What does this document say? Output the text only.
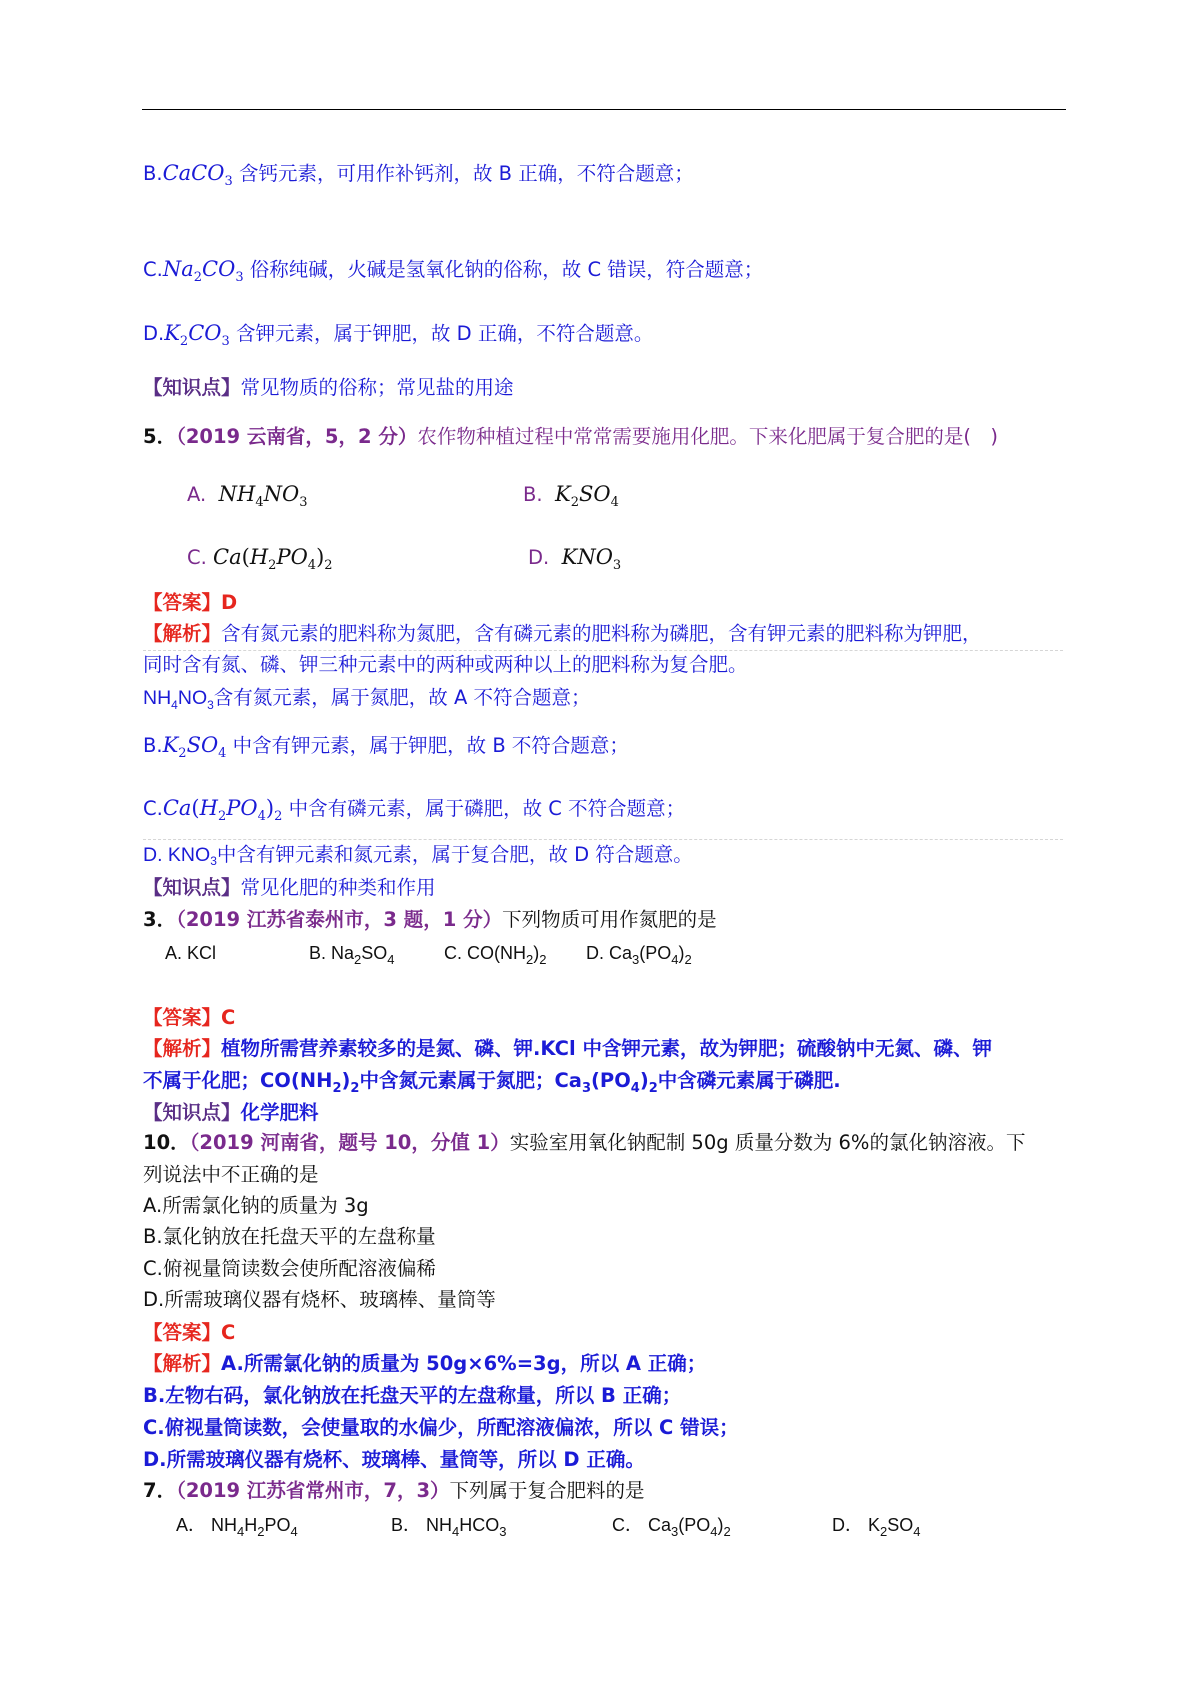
B.CaCO$_3$ 含钙元素，可用作补钙剂，故 B 正确，不符合题意；
$C.Na_2CO_3$ 俗称纯碱，火碱是氢氧化钠的俗称，故 C 错误，符合题意；
$D.K_2CO_3$ 含钾元素，属于钾肥，故 D 正确，不符合题意。
【知识点】常见物质的俗称；常见盐的用途
5．（2019 云南省，5，2 分）农作物种植过程中常常需要施用化肥。下来化肥属于复合肥的是(　)
A. $NH_4NO_3$	B. $K_2SO_4$
C. $Ca(H_2PO_4)_2$	D. $KNO_3$
【答案】D
【解析】含有氮元素的肥料称为氮肥，含有磷元素的肥料称为磷肥，含有钾元素的肥料称为钾肥，
同时含有氮、磷、钾三种元素中的两种或两种以上的肥料称为复合肥。
$NH_4NO_3$含有氮元素，属于氮肥，故 A 不符合题意；
$B.K_2SO_4$ 中含有钾元素，属于钾肥，故 B 不符合题意；
$C.Ca(H_2PO_4)_2$ 中含有磷元素，属于磷肥，故 C 不符合题意；
D. $KNO_3$中含有钾元素和氮元素，属于复合肥，故 D 符合题意。
【知识点】常见化肥的种类和作用
3．（2019 江苏省泰州市，3 题，1 分）下列物质可用作氮肥的是
A. KCl	B. $Na_2SO_4$	C. $CO(NH_2)_2$ D. $Ca_3(PO_4)_2$
【答案】C
【解析】植物所需营养素较多的是氮、磷、钾.KCl 中含钾元素，故为钾肥；硫酸钠中无氮、磷、钾
不属于化肥；$CO(NH_2)_2$中含氮元素属于氮肥；$Ca_3(PO_4)_2$中含磷元素属于磷肥.
【知识点】化学肥料
10．（2019 河南省，题号 10，分值 1）实验室用氧化钠配制 50g 质量分数为 6%的氯化钠溶液。下
列说法中不正确的是
A.所需氯化钠的质量为 3g
B.氯化钠放在托盘天平的左盘称量
C.俯视量筒读数会使所配溶液偏稀
D.所需玻璃仪器有烧杯、玻璃棒、量筒等
【答案】C
【解析】A.所需氯化钠的质量为 50g×6%=3g，所以 A 正确；
B.左物右码，氯化钠放在托盘天平的左盘称量，所以 B 正确；
C.俯视量筒读数，会使量取的水偏少，所配溶液偏浓，所以 C 错误；
D.所需玻璃仪器有烧杯、玻璃棒、量筒等，所以 D 正确。
7．（2019 江苏省常州市，7，3）下列属于复合肥料的是
A． $NH_4H_2PO_4$	B． $NH_4HCO_3$	C． $Ca_3(PO_4)_2$	D． $K_2SO_4$
